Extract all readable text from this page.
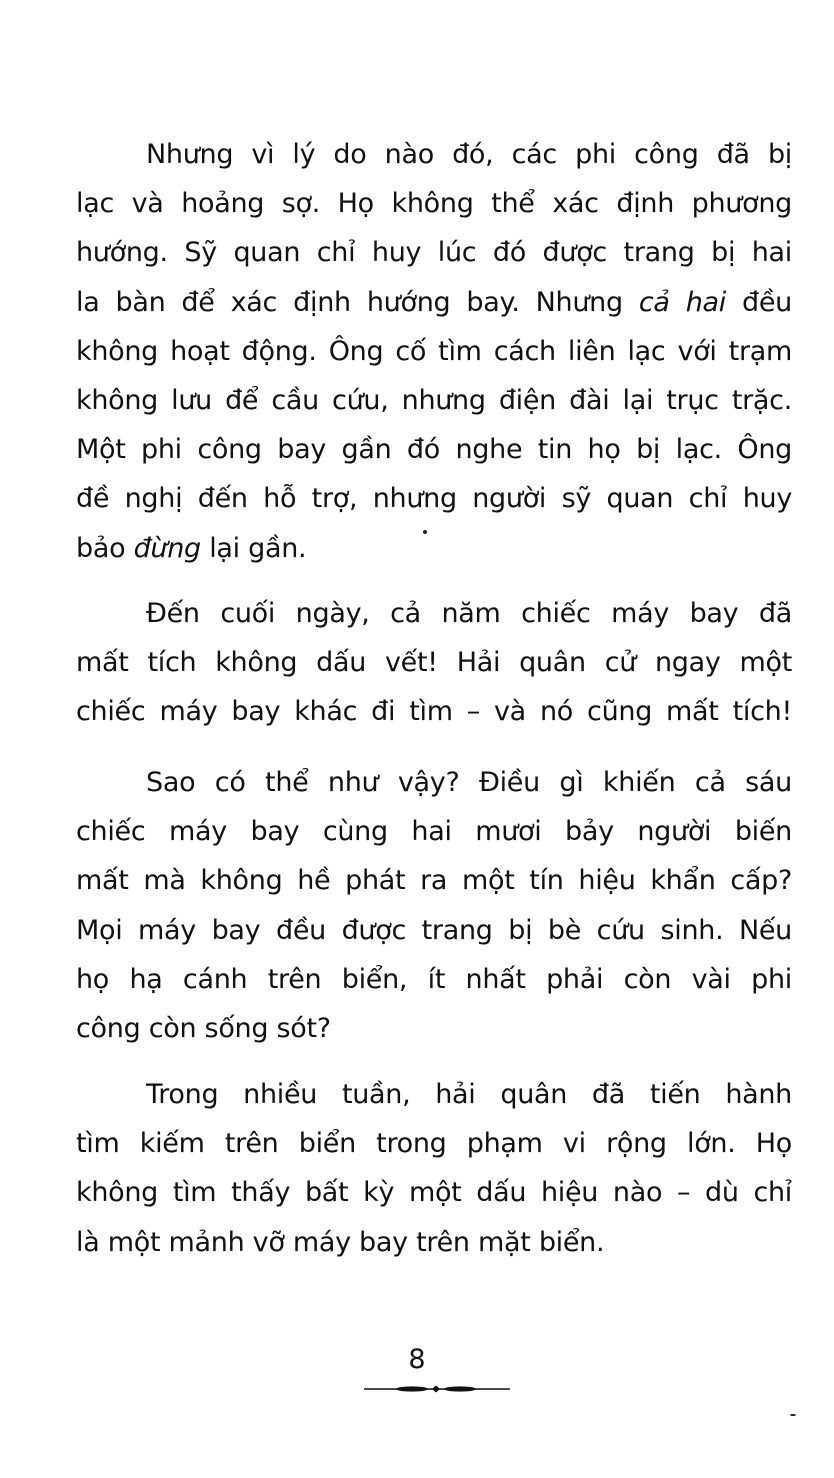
Nhưng vì lý do nào đó, các phi công đã bị
lạc và hoảng sợ. Họ không thể xác định phương
hướng. Sỹ quan chỉ huy lúc đó được trang bị hai
la bàn để xác định hướng bay. Nhưng cả hai đều
không hoạt động. Ông cố tìm cách liên lạc với trạm
không lưu để cầu cứu, nhưng điện đài lại trục trặc.
Một phi công bay gần đó nghe tin họ bị lạc. Ông
đề nghị đến hỗ trợ, nhưng người sỹ quan chỉ huy
bảo đừng lại gần.
Đến cuối ngày, cả năm chiếc máy bay đã
mất tích không dấu vết! Hải quân cử ngay một
chiếc máy bay khác đi tìm – và nó cũng mất tích!
Sao có thể như vậy? Điều gì khiến cả sáu
chiếc máy bay cùng hai mươi bảy người biến
mất mà không hề phát ra một tín hiệu khẩn cấp?
Mọi máy bay đều được trang bị bè cứu sinh. Nếu
họ hạ cánh trên biển, ít nhất phải còn vài phi
công còn sống sót?
Trong nhiều tuần, hải quân đã tiến hành
tìm kiếm trên biển trong phạm vi rộng lớn. Họ
không tìm thấy bất kỳ một dấu hiệu nào – dù chỉ
là một mảnh vỡ máy bay trên mặt biển.
8
